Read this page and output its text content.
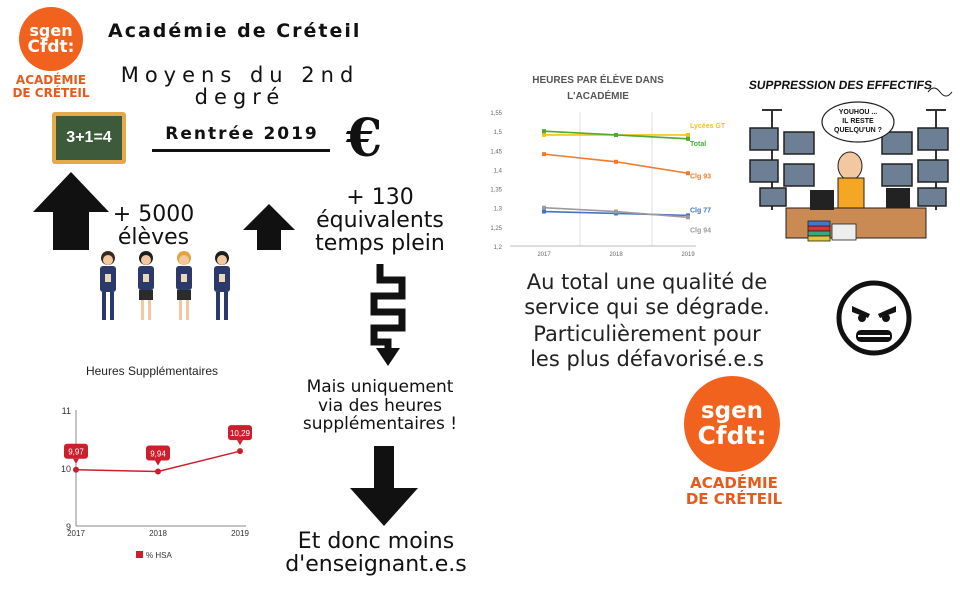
sgen
Cfdt:
ACADÉMIE
DE CRÉTEIL
Académie de Créteil
Moyens du 2nd
degré
Rentrée 2019 €
3+1=4
+ 5000
élèves
+ 130
équivalents
temps plein
Mais uniquement
via des heures
supplémentaires !
Et donc moins
d'enseignant.e.s
Heures Supplémentaires
9
10
11
2017	2018	2019
9,97	9,94
10,29
% HSA
HEURES PAR ÉLÈVE DANS
L'ACADÉMIE
1,2
1,25
1,3
1,35
1,4
1,45
1,5
1,55
2017	2018	2019
Lycées GT
Total
Clg 93
Clg 77
Clg 94
SUPPRESSION DES EFFECTIFS
YOUHOU ...
IL RESTE
QUELQU'UN ?
Au total une qualité de
service qui se dégrade.
Particulièrement pour
les plus défavorisé.e.s
sgen
Cfdt:
ACADÉMIE
DE CRÉTEIL
